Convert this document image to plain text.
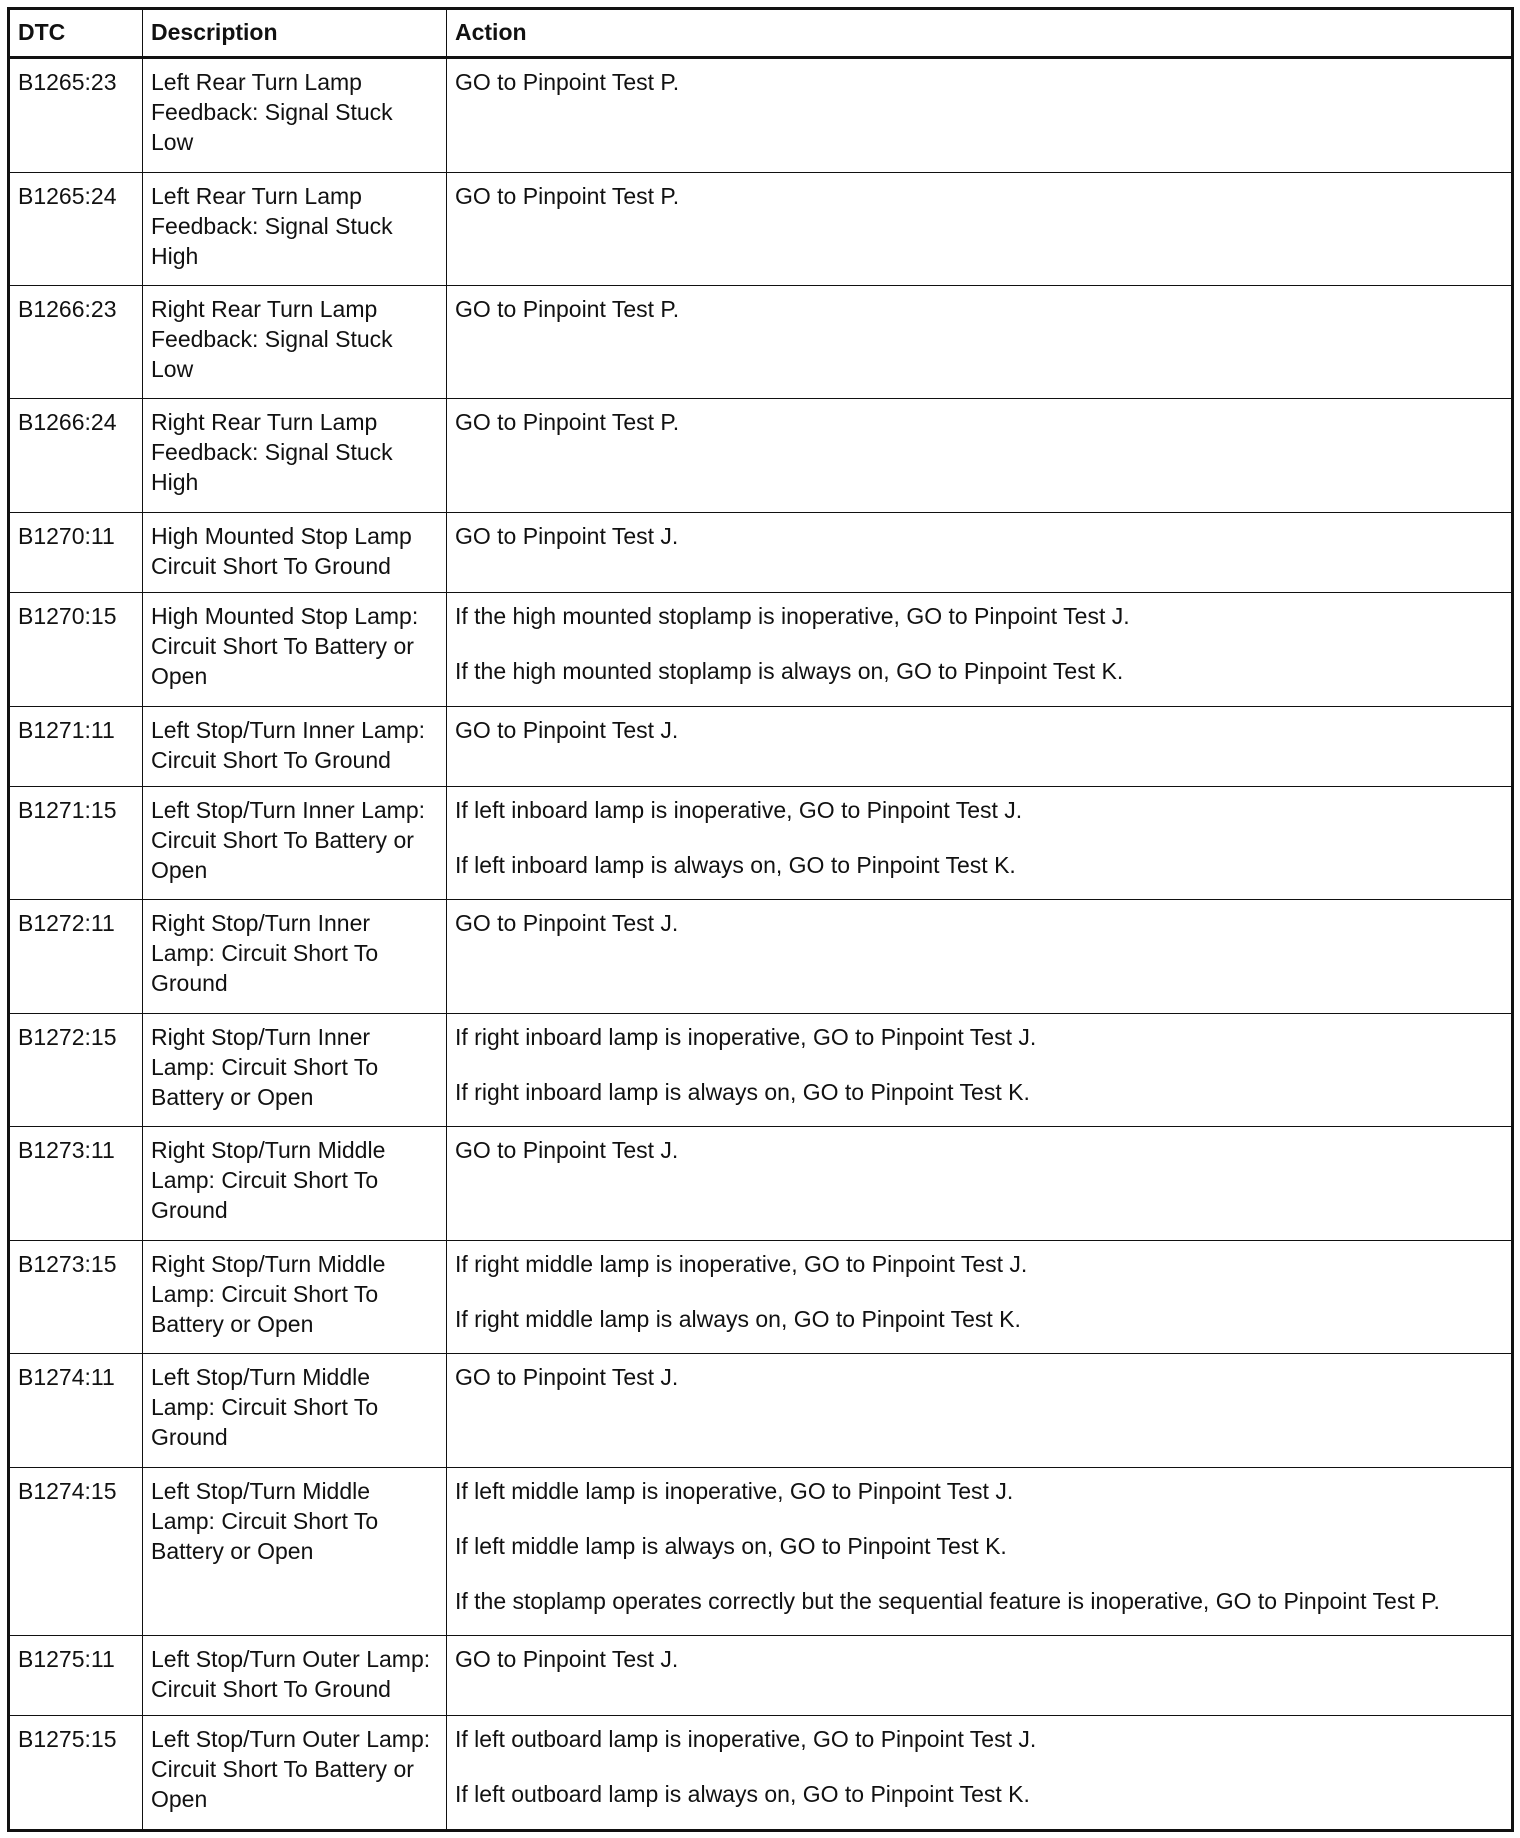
DTC	Description	Action
B1265:23	Left Rear Turn Lamp Feedback: Signal Stuck Low	GO to Pinpoint Test P.

B1265:24	Left Rear Turn Lamp Feedback: Signal Stuck High	GO to Pinpoint Test P.

B1266:23	Right Rear Turn Lamp Feedback: Signal Stuck Low	GO to Pinpoint Test P.

B1266:24	Right Rear Turn Lamp Feedback: Signal Stuck High	GO to Pinpoint Test P.

B1270:11	High Mounted Stop Lamp Circuit Short To Ground	GO to Pinpoint Test J.

B1270:15	High Mounted Stop Lamp: Circuit Short To Battery or Open	If the high mounted stoplamp is inoperative, GO to Pinpoint Test J.

If the high mounted stoplamp is always on, GO to Pinpoint Test K.

B1271:11	Left Stop/Turn Inner Lamp: Circuit Short To Ground	GO to Pinpoint Test J.

B1271:15	Left Stop/Turn Inner Lamp: Circuit Short To Battery or Open	If left inboard lamp is inoperative, GO to Pinpoint Test J.

If left inboard lamp is always on, GO to Pinpoint Test K.

B1272:11	Right Stop/Turn Inner Lamp: Circuit Short To Ground	GO to Pinpoint Test J.

B1272:15	Right Stop/Turn Inner Lamp: Circuit Short To Battery or Open	If right inboard lamp is inoperative, GO to Pinpoint Test J.

If right inboard lamp is always on, GO to Pinpoint Test K.

B1273:11	Right Stop/Turn Middle Lamp: Circuit Short To Ground	GO to Pinpoint Test J.

B1273:15	Right Stop/Turn Middle Lamp: Circuit Short To Battery or Open	If right middle lamp is inoperative, GO to Pinpoint Test J.

If right middle lamp is always on, GO to Pinpoint Test K.

B1274:11	Left Stop/Turn Middle Lamp: Circuit Short To Ground	GO to Pinpoint Test J.

B1274:15	Left Stop/Turn Middle Lamp: Circuit Short To Battery or Open	If left middle lamp is inoperative, GO to Pinpoint Test J.

If left middle lamp is always on, GO to Pinpoint Test K.

If the stoplamp operates correctly but the sequential feature is inoperative, GO to Pinpoint Test P.

B1275:11	Left Stop/Turn Outer Lamp: Circuit Short To Ground	GO to Pinpoint Test J.

B1275:15	Left Stop/Turn Outer Lamp: Circuit Short To Battery or Open	If left outboard lamp is inoperative, GO to Pinpoint Test J.

If left outboard lamp is always on, GO to Pinpoint Test K.
